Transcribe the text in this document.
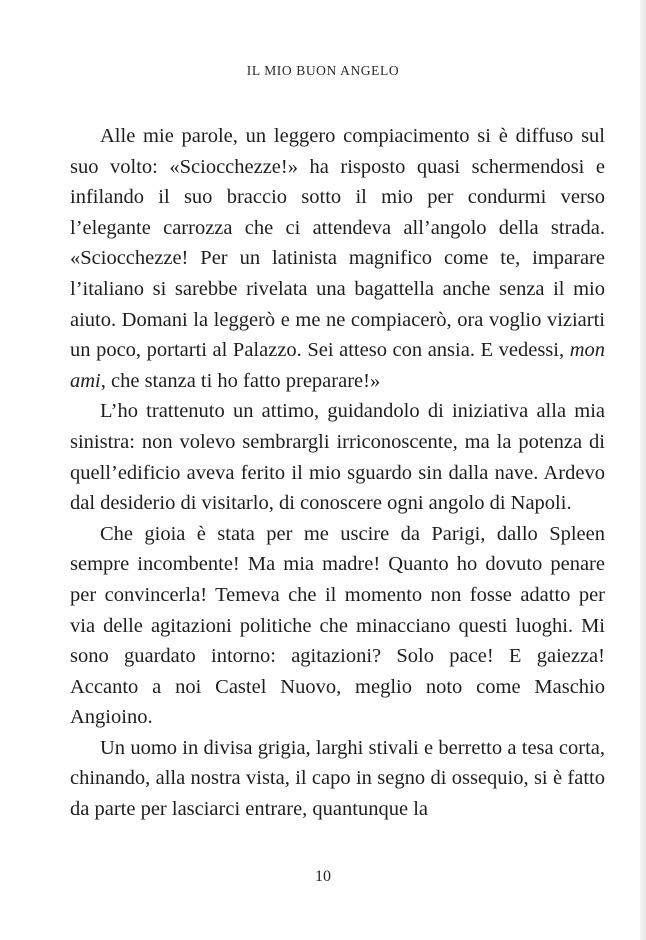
IL MIO BUON ANGELO

Alle mie parole, un leggero compiacimento si è diffuso sul suo volto: «Sciocchezze!» ha risposto quasi schermendosi e infilando il suo braccio sotto il mio per condurmi verso l’elegante carrozza che ci attendeva all’angolo della strada. «Sciocchezze! Per un latinista magnifico come te, imparare l’italiano si sarebbe rivelata una bagattella anche senza il mio aiuto. Domani la leggerò e me ne compiacerò, ora voglio viziarti un poco, portarti al Palazzo. Sei atteso con ansia. E vedessi, mon ami, che stanza ti ho fatto preparare!»

L’ho trattenuto un attimo, guidandolo di iniziativa alla mia sinistra: non volevo sembrargli irriconoscente, ma la potenza di quell’edificio aveva ferito il mio sguardo sin dalla nave. Ardevo dal desiderio di visitarlo, di conoscere ogni angolo di Napoli.

Che gioia è stata per me uscire da Parigi, dallo Spleen sempre incombente! Ma mia madre! Quanto ho dovuto penare per convincerla! Temeva che il momento non fosse adatto per via delle agitazioni politiche che minacciano questi luoghi. Mi sono guardato intorno: agitazioni? Solo pace! E gaiezza! Accanto a noi Castel Nuovo, meglio noto come Maschio Angioino.

Un uomo in divisa grigia, larghi stivali e berretto a tesa corta, chinando, alla nostra vista, il capo in segno di ossequio, si è fatto da parte per lasciarci entrare, quantunque la

10
